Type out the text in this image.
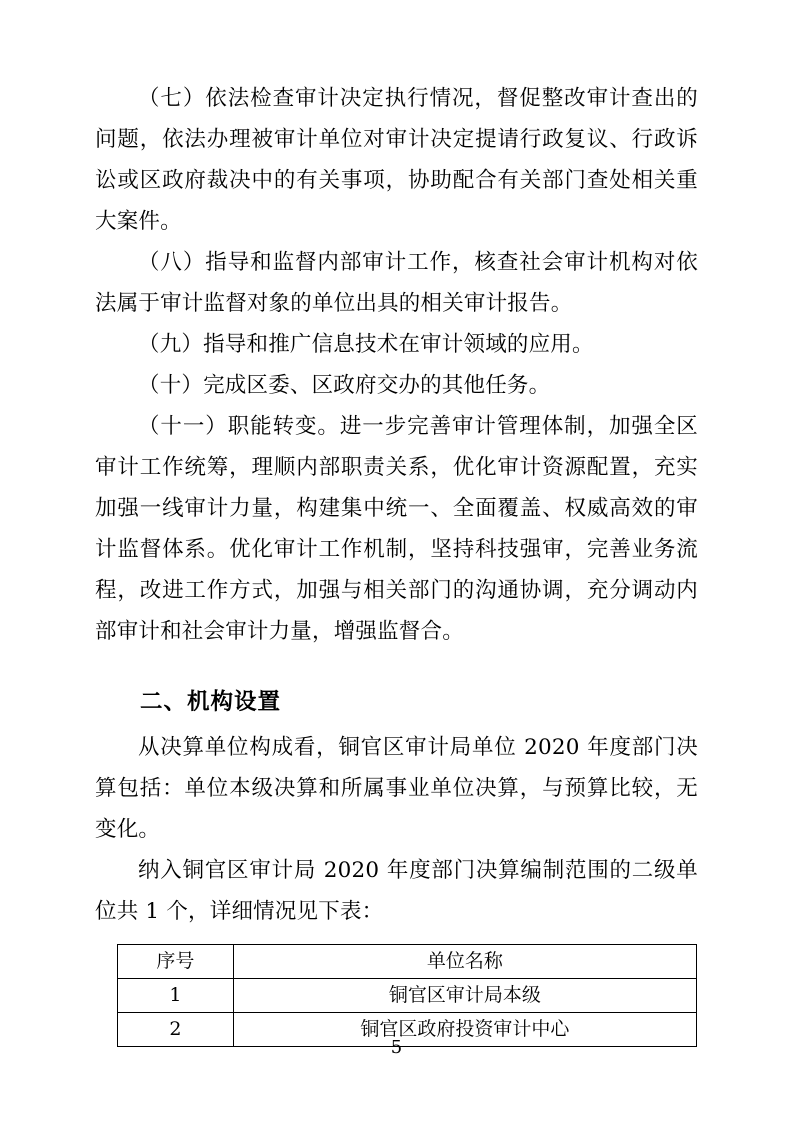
（七）依法检查审计决定执行情况，督促整改审计查出的问题，依法办理被审计单位对审计决定提请行政复议、行政诉讼或区政府裁决中的有关事项，协助配合有关部门查处相关重大案件。

（八）指导和监督内部审计工作，核查社会审计机构对依法属于审计监督对象的单位出具的相关审计报告。

（九）指导和推广信息技术在审计领域的应用。

（十）完成区委、区政府交办的其他任务。

（十一）职能转变。进一步完善审计管理体制，加强全区审计工作统筹，理顺内部职责关系，优化审计资源配置，充实加强一线审计力量，构建集中统一、全面覆盖、权威高效的审计监督体系。优化审计工作机制，坚持科技强审，完善业务流程，改进工作方式，加强与相关部门的沟通协调，充分调动内部审计和社会审计力量，增强监督合。

二、机构设置

从决算单位构成看，铜官区审计局单位 2020 年度部门决算包括：单位本级决算和所属事业单位决算，与预算比较，无变化。

纳入铜官区审计局 2020 年度部门决算编制范围的二级单位共 1 个，详细情况见下表：

序号	单位名称
1	铜官区审计局本级
2	铜官区政府投资审计中心
5
